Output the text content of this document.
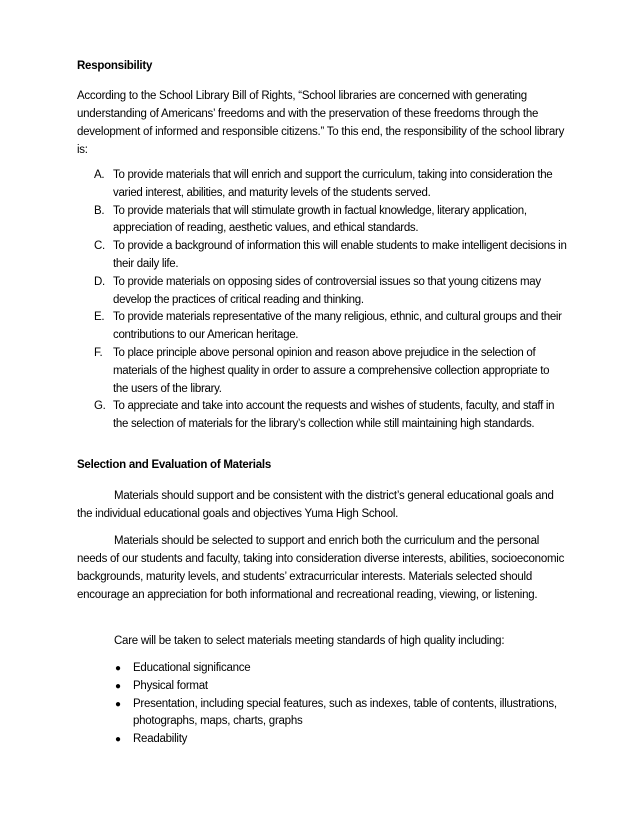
Responsibility

According to the School Library Bill of Rights, “School libraries are concerned with generating understanding of Americans’ freedoms and with the preservation of these freedoms through the development of informed and responsible citizens.” To this end, the responsibility of the school library is:

A. To provide materials that will enrich and support the curriculum, taking into consideration the varied interest, abilities, and maturity levels of the students served.
B. To provide materials that will stimulate growth in factual knowledge, literary application, appreciation of reading, aesthetic values, and ethical standards.
C. To provide a background of information this will enable students to make intelligent decisions in their daily life.
D. To provide materials on opposing sides of controversial issues so that young citizens may develop the practices of critical reading and thinking.
E. To provide materials representative of the many religious, ethnic, and cultural groups and their contributions to our American heritage.
F. To place principle above personal opinion and reason above prejudice in the selection of materials of the highest quality in order to assure a comprehensive collection appropriate to the users of the library.
G. To appreciate and take into account the requests and wishes of students, faculty, and staff in the selection of materials for the library’s collection while still maintaining high standards.
Selection and Evaluation of Materials

Materials should support and be consistent with the district’s general educational goals and the individual educational goals and objectives Yuma High School.

Materials should be selected to support and enrich both the curriculum and the personal needs of our students and faculty, taking into consideration diverse interests, abilities, socioeconomic backgrounds, maturity levels, and students’ extracurricular interests. Materials selected should encourage an appreciation for both informational and recreational reading, viewing, or listening.

Care will be taken to select materials meeting standards of high quality including:

● Educational significance
● Physical format
● Presentation, including special features, such as indexes, table of contents, illustrations, photographs, maps, charts, graphs
● Readability
